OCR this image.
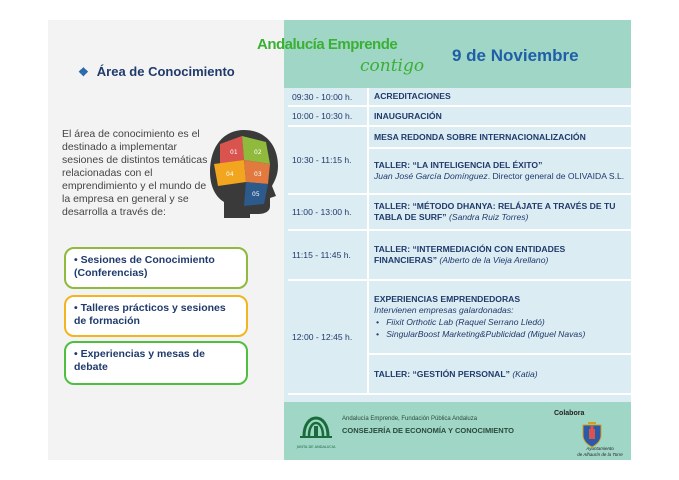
❖ Área de Conocimiento
El área de conocimiento es el destinado a implementar sesiones de distintos temáticas relacionadas con el emprendimiento y el mundo de la empresa en general y se desarrolla a través de:
01	02
03
04
05
• Sesiones de Conocimiento (Conferencias)
• Talleres prácticos y sesiones de formación
• Experiencias y mesas de debate
Andalucía Emprende
contigo
9 de Noviembre
09:30 - 10:00 h.	ACREDITACIONES
10:00 - 10:30 h.	INAUGURACIÓN
10:30 - 11:15 h.	MESA REDONDA SOBRE INTERNACIONALIZACIÓN

	TALLER: “LA INTELIGENCIA DEL ÉXITO”
Juan José García Domínguez. Director general de OLIVAIDA S.L.

11:00 - 13:00 h.	TALLER: “MÉTODO DHANYA: RELÁJATE A TRAVÉS DE TU TABLA DE SURF” (Sandra Ruiz Torres)
11:15 - 11:45 h.	TALLER: “INTERMEDIACIÓN CON ENTIDADES FINANCIERAS” (Alberto de la Vieja Arellano)
12:00 - 12:45 h.	EXPERIENCIAS EMPRENDEDORAS
Intervienen empresas galardonadas:
• Fiixit Orthotic Lab (Raquel Serrano Lledó)
• SingularBoost Marketing&Publicidad (Miguel Navas)

	TALLER: “GESTIÓN PERSONAL” (Katia)
JUNTA DE ANDALUCIA
Andalucía Emprende, Fundación Pública Andaluza
CONSEJERÍA DE ECONOMÍA Y CONOCIMIENTO
Colabora
Ayuntamiento
de Alhaurín de la Torre
